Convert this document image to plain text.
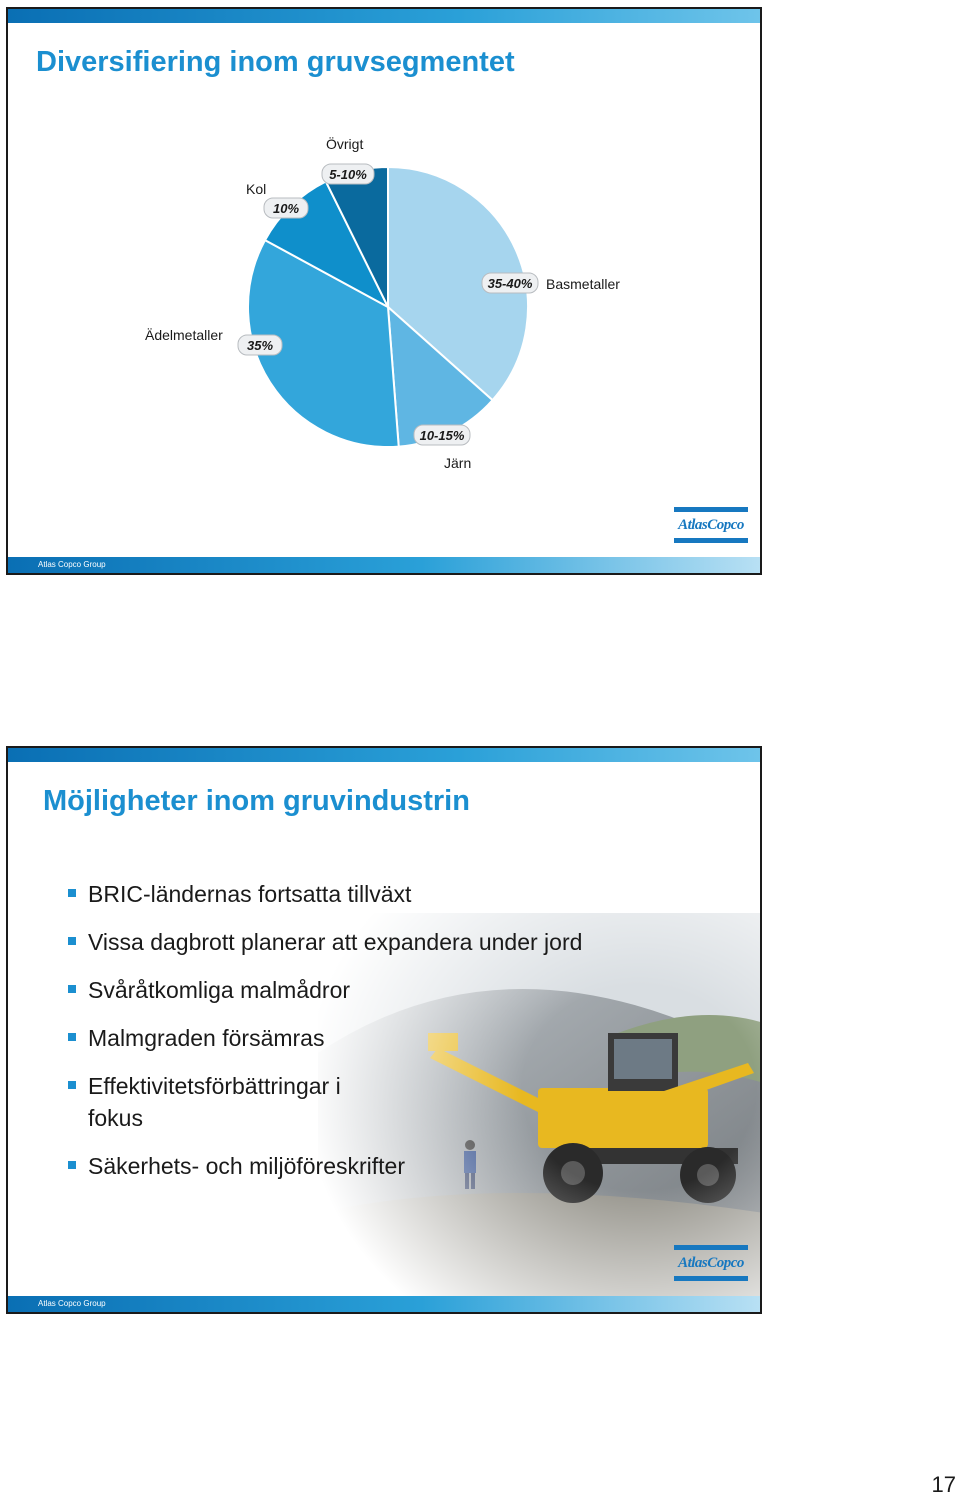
Diversifiering inom gruvsegmentet
Övrigt
5-10%
Kol
10%
35-40% Basmetaller
Ädelmetaller
35%
10-15%
Järn
AtlasCopco
Atlas Copco Group
Möjligheter inom gruvindustrin
BRIC-ländernas fortsatta tillväxt
Vissa dagbrott planerar att expandera under jord
Svåråtkomliga malmådror
Malmgraden försämras
Effektivitetsförbättringar i fokus
Säkerhets- och miljöföreskrifter
AtlasCopco
Atlas Copco Group
17
